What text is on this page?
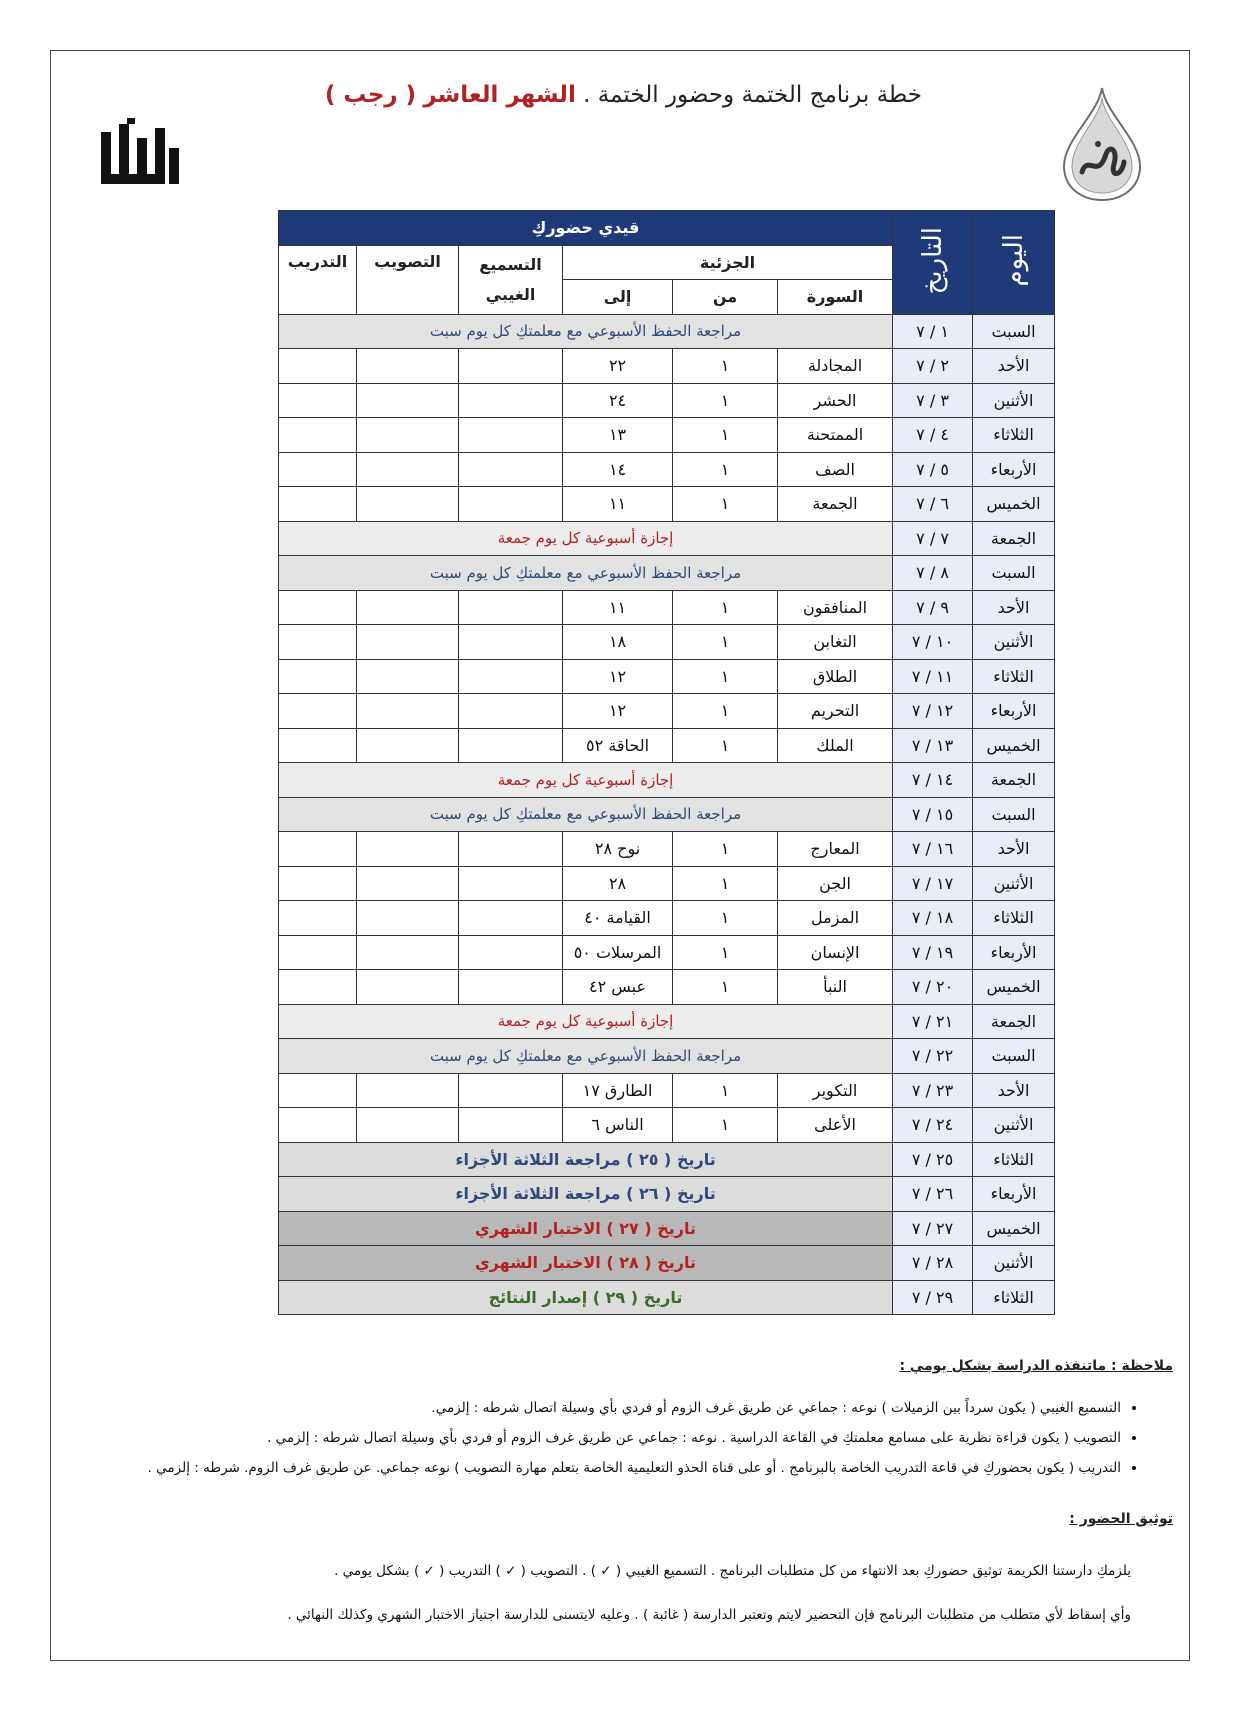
خطة برنامج الختمة وحضور الختمة . الشهر العاشر ( رجب )
اليوم	التاريخ	قيدي حضوركِ					
		الجزئية			التسميع الغيبي	التصويب	التدريب
		السورة	من	إلى			
السبت	١ / ٧	مراجعة الحفظ الأسبوعي مع معلمتكِ كل يوم سبت					
الأحد	٢ / ٧	المجادلة	١	٢٢			
الأثنين	٣ / ٧	الحشر	١	٢٤			
الثلاثاء	٤ / ٧	الممتحنة	١	١٣			
الأربعاء	٥ / ٧	الصف	١	١٤			
الخميس	٦ / ٧	الجمعة	١	١١			
الجمعة	٧ / ٧	إجازة أسبوعية كل يوم جمعة					
السبت	٨ / ٧	مراجعة الحفظ الأسبوعي مع معلمتكِ كل يوم سبت					
الأحد	٩ / ٧	المنافقون	١	١١			
الأثنين	١٠ / ٧	التغابن	١	١٨			
الثلاثاء	١١ / ٧	الطلاق	١	١٢			
الأربعاء	١٢ / ٧	التحريم	١	١٢			
الخميس	١٣ / ٧	الملك	١	الحاقة ٥٢			
الجمعة	١٤ / ٧	إجازة أسبوعية كل يوم جمعة					
السبت	١٥ / ٧	مراجعة الحفظ الأسبوعي مع معلمتكِ كل يوم سبت					
الأحد	١٦ / ٧	المعارج	١	نوح ٢٨			
الأثنين	١٧ / ٧	الجن	١	٢٨			
الثلاثاء	١٨ / ٧	المزمل	١	القيامة ٤٠			
الأربعاء	١٩ / ٧	الإنسان	١	المرسلات ٥٠			
الخميس	٢٠ / ٧	النبأ	١	عبس ٤٢			
الجمعة	٢١ / ٧	إجازة أسبوعية كل يوم جمعة					
السبت	٢٢ / ٧	مراجعة الحفظ الأسبوعي مع معلمتكِ كل يوم سبت					
الأحد	٢٣ / ٧	التكوير	١	الطارق ١٧			
الأثنين	٢٤ / ٧	الأعلى	١	الناس ٦			
الثلاثاء	٢٥ / ٧	تاريخ ( ٢٥ ) مراجعة الثلاثة الأجزاء					
الأربعاء	٢٦ / ٧	تاريخ ( ٢٦ ) مراجعة الثلاثة الأجزاء					
الخميس	٢٧ / ٧	تاريخ ( ٢٧ ) الاختبار الشهري					
الأثنين	٢٨ / ٧	تاريخ ( ٢٨ ) الاختبار الشهري					
الثلاثاء	٢٩ / ٧	تاريخ ( ٢٩ ) إصدار النتائج					
ملاحظة : ماتنفذه الدراسة بشكل يومي :
• التسميع الغيبي ( يكون سرداً بين الزميلات ) نوعه : جماعي عن طريق غرف الزوم أو فردي بأي وسيلة اتصال شرطه : إلزمي.
• التصويب ( يكون قراءة نظرية على مسامع معلمتكِ في القاعة الدراسية . نوعه : جماعي عن طريق غرف الزوم أو فردي بأي وسيلة اتصال شرطه : إلزمي .
• التدريب ( يكون بحضوركِ في قاعة التدريب الخاصة بالبرنامج . أو على قناة الحذو التعليمية الخاصة بتعلم مهارة التصويب ) نوعه جماعي. عن طريق غرف الزوم. شرطه : إلزمي .
توثيق الحضور :
يلزمكِ دارستنا الكريمة توثيق حضوركِ بعد الانتهاء من كل متطلبات البرنامج . التسميع الغيبي ( ✓ ) . التصويب ( ✓ ) التدريب ( ✓ ) بشكل يومي .
وأي إسقاط لأي متطلب من متطلبات البرنامج فإن التحضير لايتم وتعتبر الدارسة ( غائبة ) . وعليه لايتسنى للدارسة اجتياز الاختبار الشهري وكذلك النهائي .
